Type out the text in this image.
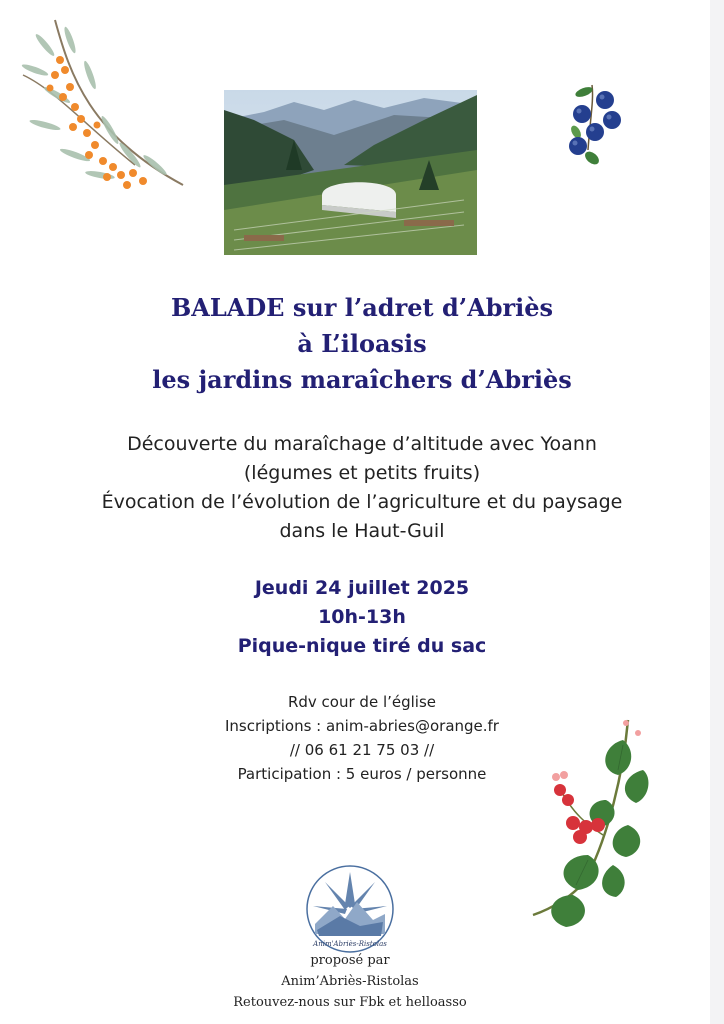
BALADE sur l’adret d’Abriès
à L’iloasis
les jardins maraîchers d’Abriès
Découverte du maraîchage d’altitude avec Yoann
(légumes et petits fruits)
Évocation de l’évolution de l’agriculture et du paysage
dans le Haut-Guil
Jeudi 24 juillet 2025
10h-13h
Pique-nique tiré du sac
Rdv cour de l’église
Inscriptions : anim-abries@orange.fr
// 06 61 21 75 03 //
Participation : 5 euros / personne
Anim'Abriès-Ristolas
proposé par
Anim’Abriès-Ristolas
Retouvez-nous sur Fbk et helloasso
